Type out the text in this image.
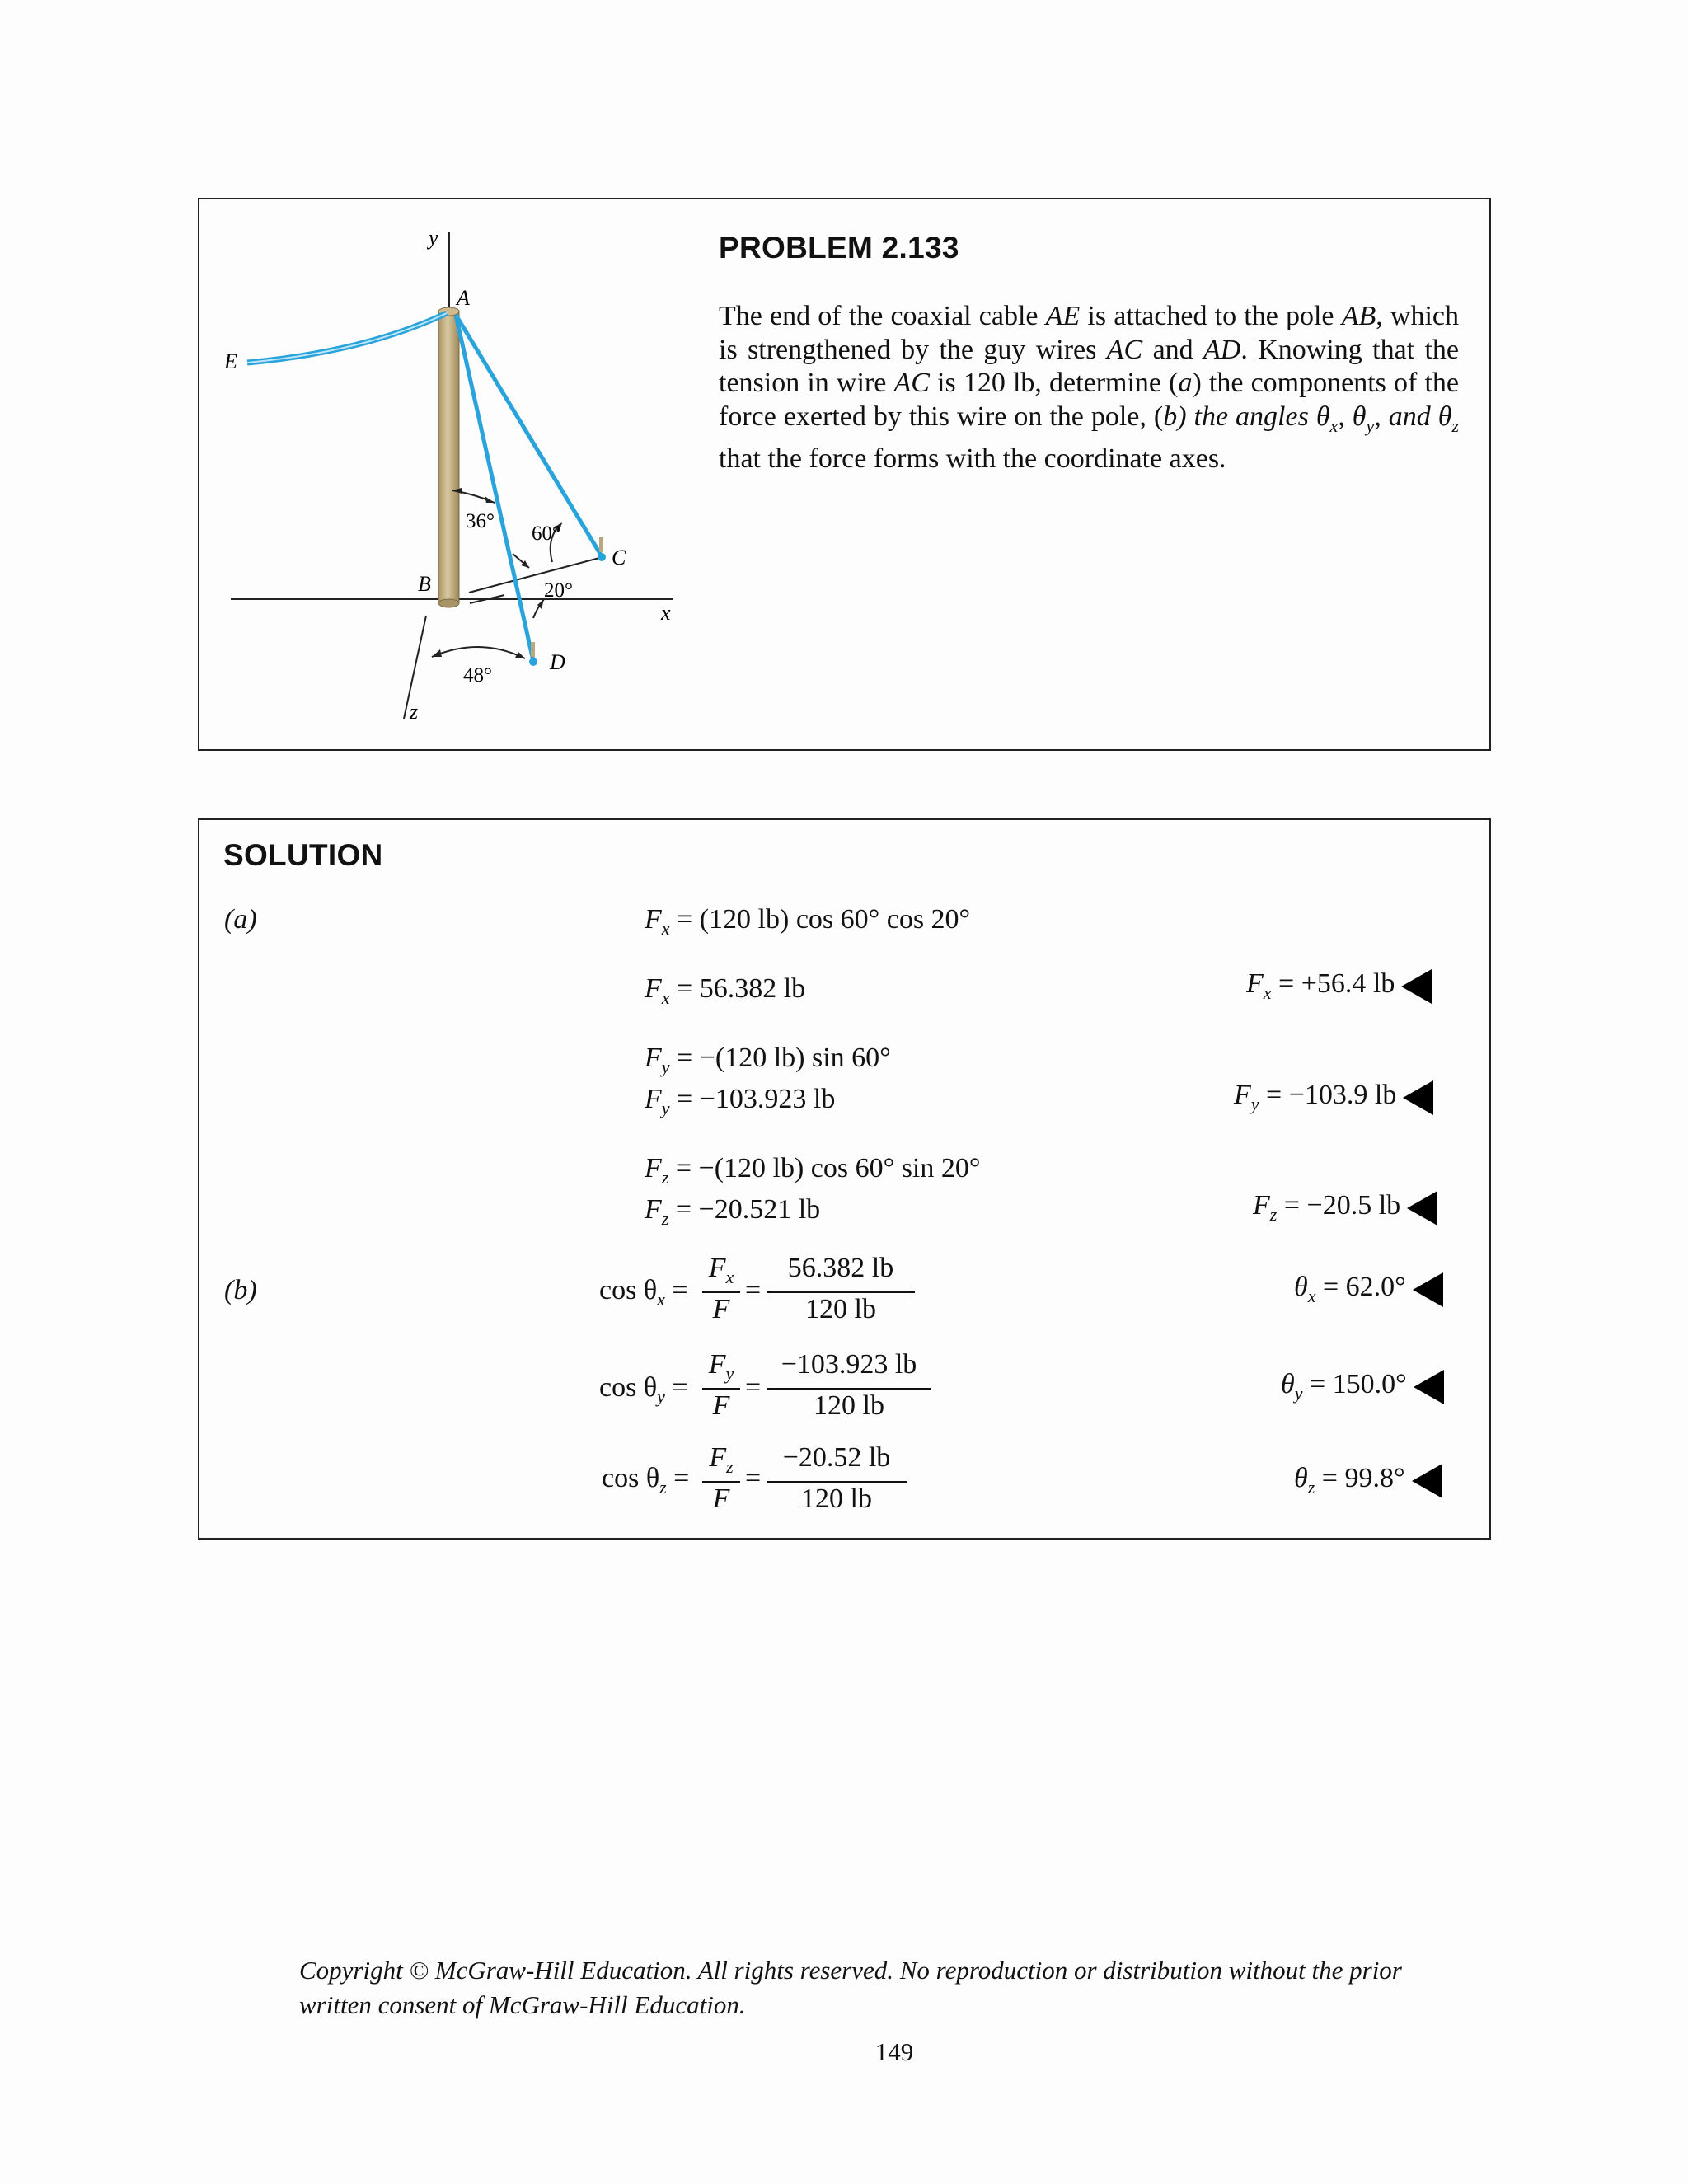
y
A
E
B
C
D
x
z
36°
60°
20°
48°
PROBLEM 2.133
The end of the coaxial cable AE is attached to the pole AB, which is strengthened by the guy wires AC and AD. Knowing that the tension in wire AC is 120 lb, determine (a) the components of the force exerted by this wire on the pole, (b) the angles $\theta_x$, $\theta_y$, and $\theta_z$ that the force forms with the coordinate axes.
SOLUTION
(a)
(b)
$F_x = (120$ lb) cos 60° cos 20°
$F_x = 56.382$ lb	$F_x = +56.4$ lb
$F_y = -(120$ lb) sin 60°
$F_y = -103.923$ lb	$F_y = -103.9$ lb
$F_z = -(120$ lb) cos 60° sin 20°
$F_z = -20.521$ lb	$F_z = -20.5$ lb
$\cos \theta_x$ =
$F_x$
F
=
56.382 lb
120 lb
$\theta_x = 62.0^\circ$
$\cos \theta_y$ =
$F_y$
F
=
−103.923 lb
120 lb
$\theta_y = 150.0^\circ$
$\cos \theta_z$ =
$F_z$
F
=
−20.52 lb
120 lb
$\theta_z = 99.8^\circ$
Copyright © McGraw-Hill Education. All rights reserved. No reproduction or distribution without the prior written consent of McGraw-Hill Education.
149
